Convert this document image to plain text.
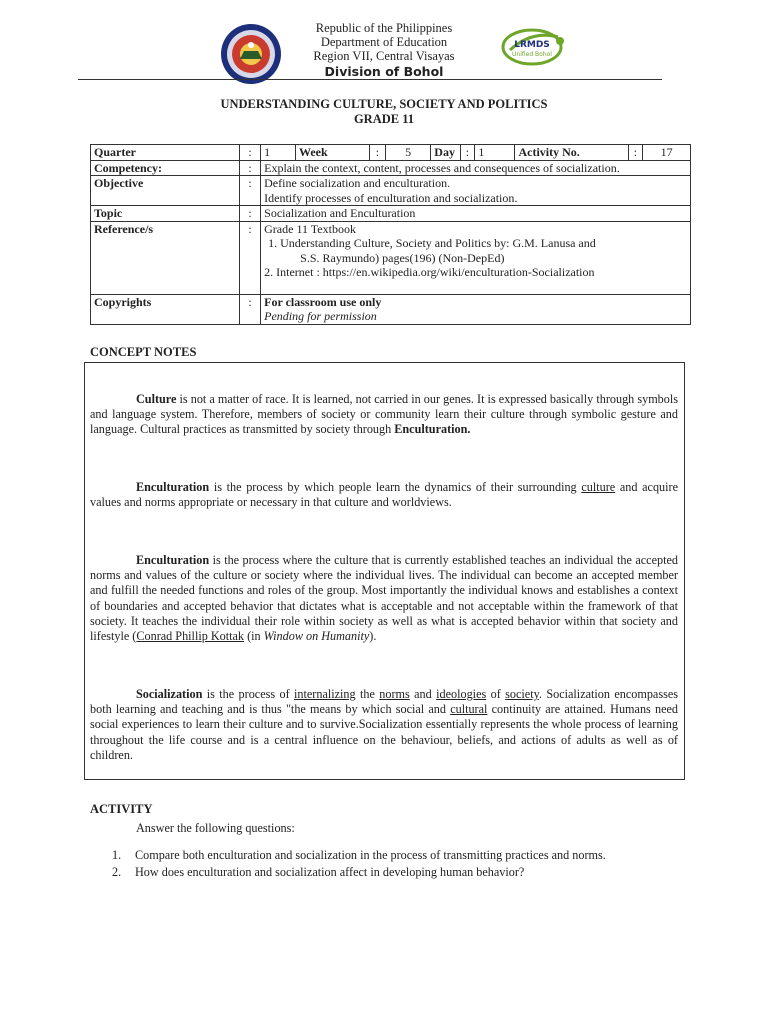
LRMDS
Unified Bohol
Republic of the Philippines
Department of Education
Region VII, Central Visayas
Division of Bohol
UNDERSTANDING CULTURE, SOCIETY AND POLITICS
GRADE 11
Quarter	:	1	Week	:	5	Day	:	1	Activity No.	:	17
Competency:	:	Explain the context, content, processes and consequences of socialization.									
Objective	:	Define socialization and enculturation.
Identify processes of enculturation and socialization.									

Topic	:	Socialization and Enculturation									
Reference/s	:	Grade 11 Textbook
1. Understanding Culture, Society and Politics by: G.M. Lanusa and
S.S. Raymundo) pages(196) (Non-DepEd)
2. Internet : https://en.wikipedia.org/wiki/enculturation-Socialization									

Copyrights	:	For classroom use only
Pending for permission									
CONCEPT NOTES
Culture is not a matter of race. It is learned, not carried in our genes. It is expressed basically through symbols and language system. Therefore, members of society or community learn their culture through symbolic gesture and language. Cultural practices as transmitted by society through Enculturation.
Enculturation is the process by which people learn the dynamics of their surrounding culture and acquire values and norms appropriate or necessary in that culture and worldviews.
Enculturation is the process where the culture that is currently established teaches an individual the accepted norms and values of the culture or society where the individual lives. The individual can become an accepted member and fulfill the needed functions and roles of the group. Most importantly the individual knows and establishes a context of boundaries and accepted behavior that dictates what is acceptable and not acceptable within the framework of that society. It teaches the individual their role within society as well as what is accepted behavior within that society and lifestyle (Conrad Phillip Kottak (in Window on Humanity).
Socialization is the process of internalizing the norms and ideologies of society. Socialization encompasses both learning and teaching and is thus "the means by which social and cultural continuity are attained. Humans need social experiences to learn their culture and to survive.Socialization essentially represents the whole process of learning throughout the life course and is a central influence on the behaviour, beliefs, and actions of adults as well as of children.
ACTIVITY
Answer the following questions:
1.	Compare both enculturation and socialization in the process of transmitting practices and norms.
2.	How does enculturation and socialization affect in developing human behavior?
